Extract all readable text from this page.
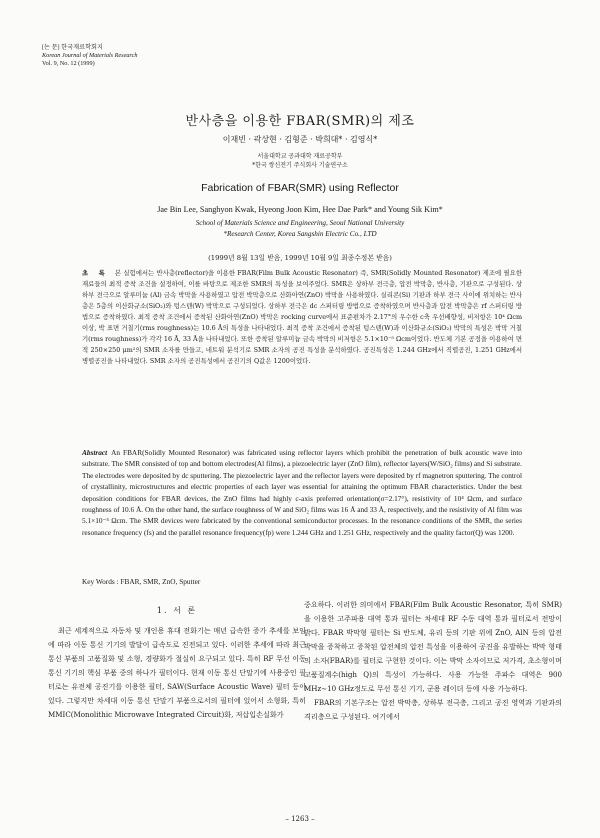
[논 문] 한국재료학회지
Korean Journal of Materials Research
Vol. 9, No. 12 (1999)
반사층을 이용한 FBAR(SMR)의 제조
이재빈 · 곽상현 · 김형준 · 박희대* · 김영식*
서울대학교 공과대학 재료공학부
*한국 쌍신전기 주식회사 기술연구소
Fabrication of FBAR(SMR) using Reflector
Jae Bin Lee, Sanghyon Kwak, Hyeong Joon Kim, Hee Dae Park* and Young Sik Kim*
School of Materials Science and Engineering, Seoul National University
*Research Center, Korea Sangshin Electric Co., LTD
(1999년 8월 13일 받음, 1999년 10월 9일 최종수정본 받음)
초 록 본 실험에서는 반사층(reflector)을 이용한 FBAR(Film Bulk Acoustic Resonator) 즉, SMR(Solidly Mounted Resonator) 제조에 필요한 재료들의 최적 증착 조건을 설정하여, 이를 바탕으로 제조한 SMR의 특성을 보여주었다. SMR은 상하부 전극층, 압전 박막층, 반사층, 기판으로 구성된다. 상하부 전극으로 알루미늄 (Al) 금속 박막을 사용하였고 압전 박막층으로 산화아연(ZnO) 박막을 사용하였다. 실리콘(Si) 기판과 하부 전극 사이에 위치하는 반사층은 5층의 이산화규소(SiO₂)와 텅스텐(W) 박막으로 구성되었다. 상하부 전극은 dc 스퍼터링 방법으로 증착하였으며 반사층과 압전 박막층은 rf 스퍼터링 방법으로 증착하였다. 최적 증착 조건에서 증착된 산화아연(ZnO) 박막은 rocking curve에서 표준편차가 2.17°의 우수한 c축 우선배향성, 비저항은 10⁴ Ωcm이상, 박 표면 거칠기(rms roughness)는 10.6 Å의 특성을 나타내었다. 최적 증착 조건에서 증착된 텅스텐(W)과 이산화규소(SiO₂) 박막의 특성은 박막 거칠기(rms roughness)가 각각 16 Å, 33 Å을 나타내었다. 또한 증착된 알루미늄 금속 박막의 비저항은 5.1×10⁻⁵ Ωcm이었다. 반도체 기본 공정을 이용하여 면적 250×250 μm²의 SMR 소자를 만들고, 네트워 분석기로 SMR 소자의 공진 특성을 분석하였다. 공진특성은 1.244 GHz에서 직렬공진, 1.251 GHz에서 병렬공진을 나타내었다. SMR 소자의 공진특성에서 공진기의 Q값은 1200이었다.
Abstract An FBAR(Solidly Mounted Resonator) was fabricated using reflector layers which prohibit the penetration of bulk acoustic wave into substrate. The SMR consisted of top and bottom electrodes(Al films), a piezoelectric layer (ZnO film), reflector layers(W/SiO₂ films) and Si substrate. The electrodes were deposited by dc sputtering. The piezoelectric layer and the reflector layers were deposited by rf magnetron sputtering. The control of crystallinity, microstructures and electric properties of each layer was essential for attaining the optimum FBAR characteristics. Under the best deposition conditions for FBAR devices, the ZnO films had highly c-axis preferred orientation(σ=2.17°), resistivity of 10⁴ Ωcm, and surface roughness of 10.6 Å. On the other hand, the surface roughness of W and SiO₂ films was 16 Å and 33 Å, respectively, and the resistivity of Al film was 5.1×10⁻⁵ Ωcm. The SMR devices were fabricated by the conventional semiconductor processes. In the resonance conditions of the SMR, the series resonance frequency (fs) and the parallel resonance frequency(fp) were 1.244 GHz and 1.251 GHz, respectively and the quality factor(Q) was 1200.
Key Words : FBAR, SMR, ZnO, Sputter
1. 서 론

최근 세계적으로 자동차 및 개인용 휴대 전화기는 매년 급속한 증가 추세를 보임에 따라 이동 통신 기기의 발달이 급속도로 진전되고 있다. 이러한 추세에 따라 최근 통신 부품의 고품질화 및 소형, 경량화가 절실히 요구되고 있다. 특히 RF 무선 이동 통신 기기의 핵심 부품 중의 하나가 필터이다. 현재 이동 통신 단말기에 사용중인 필터로는 유전체 공진기를 이용한 필터, SAW(Surface Acoustic Wave) 필터 등이 있다. 그렇지만 차세대 이동 통신 단말기 부품으로서의 필터에 있어서 소형화, 특히 MMIC(Monolithic Microwave Integrated Circuit)화, 저삽입손실화가

중요하다. 이러한 의미에서 FBAR(Film Bulk Acoustic Resonator, 특히 SMR)을 이용한 고주파용 대역 통과 필터는 차세대 RF 수동 대역 통과 필터로서 전망이 밝다. FBAR 박막형 필터는 Si 반도체, 유리 등의 기판 위에 ZnO, AlN 등의 압전 박막을 증착하고 증착된 압전체의 압전 특성을 이용하여 공진을 유발하는 박막 형태의 소자(FBAR)를 필터로 구현한 것이다. 이는 박막 소자이므로 저가격, 초소형이며 고품질계수(high Q)의 특성이 가능하다. 사용 가능한 주파수 대역은 900 MHz∼10 GHz정도로 무선 통신 기기, 군용 레이더 등에 사용 가능하다.

FBAR의 기본구조는 압전 박막층, 상하부 전극층, 그리고 공진 영역과 기판과의 격리층으로 구성된다. 여기에서

– 1263 –
